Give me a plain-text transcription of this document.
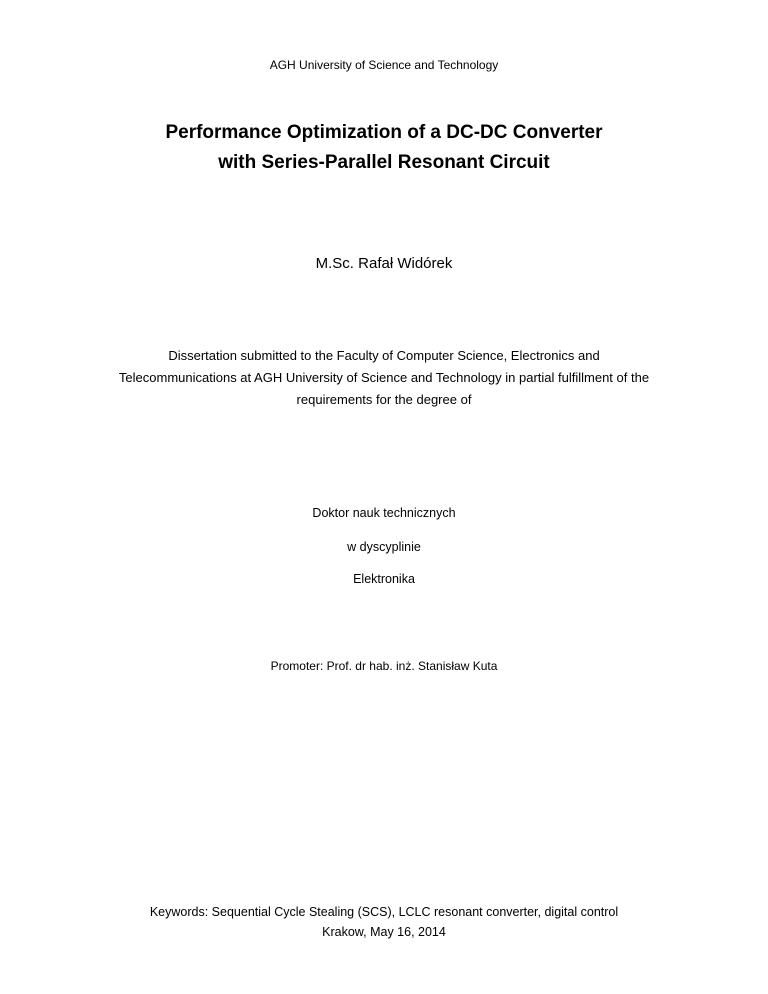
AGH University of Science and Technology
Performance Optimization of a DC-DC Converter
with Series-Parallel Resonant Circuit
M.Sc. Rafał Widórek
Dissertation submitted to the Faculty of Computer Science, Electronics and
Telecommunications at AGH University of Science and Technology in partial fulfillment of the
requirements for the degree of
Doktor nauk technicznych
w dyscyplinie
Elektronika
Promoter: Prof. dr hab. inż. Stanisław Kuta
Keywords: Sequential Cycle Stealing (SCS), LCLC resonant converter, digital control
Krakow, May 16, 2014
